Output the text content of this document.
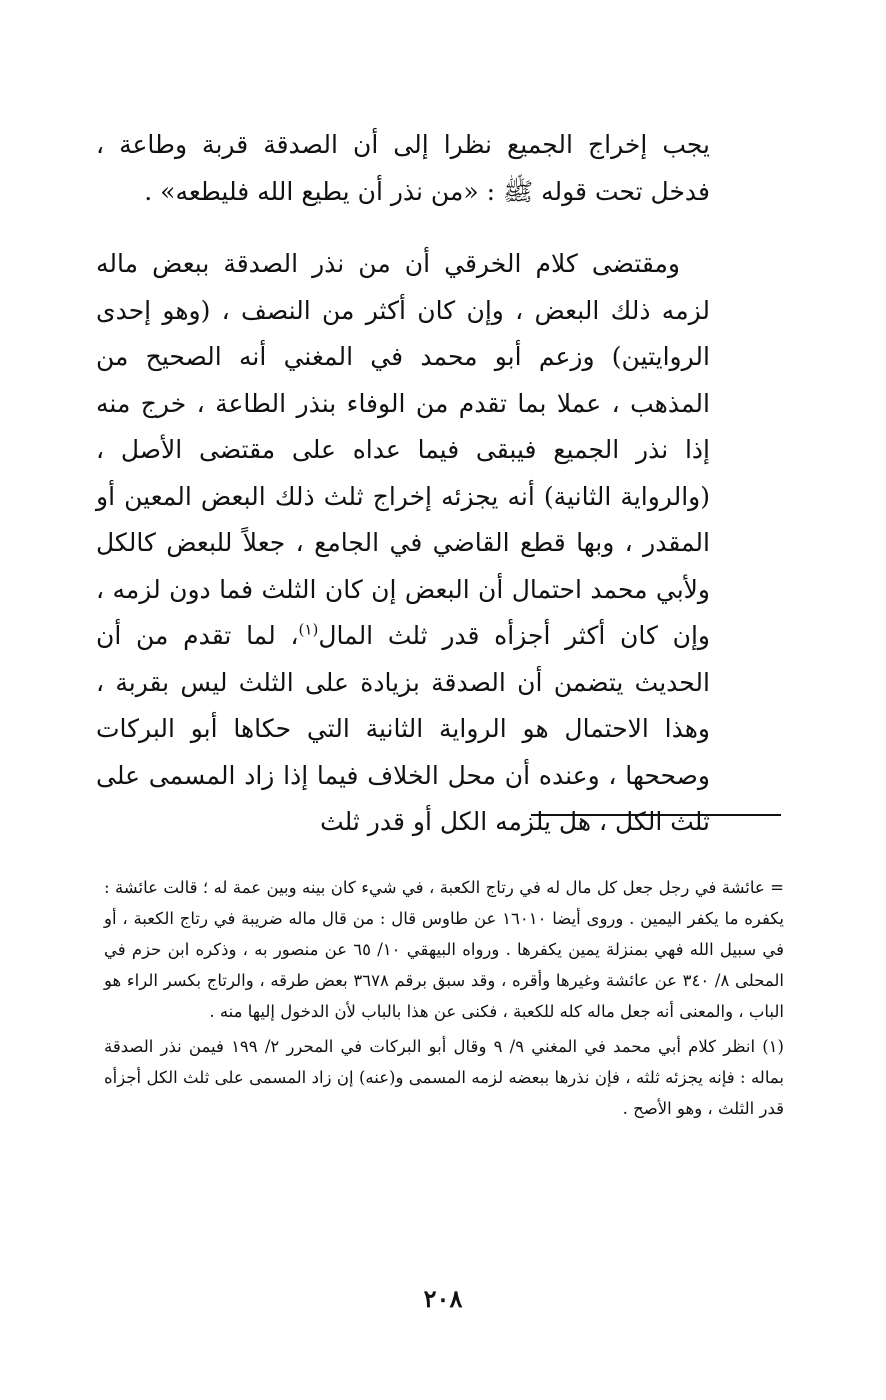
يجب إخراج الجميع نظرا إلى أن الصدقة قربة وطاعة ، فدخل تحت قوله ﷺ : «من نذر أن يطيع الله فليطعه» .

ومقتضى كلام الخرقي أن من نذر الصدقة ببعض ماله لزمه ذلك البعض ، وإن كان أكثر من النصف ، (وهو إحدى الروايتين) وزعم أبو محمد في المغني أنه الصحيح من المذهب ، عملا بما تقدم من الوفاء بنذر الطاعة ، خرج منه إذا نذر الجميع فيبقى فيما عداه على مقتضى الأصل ، (والرواية الثانية) أنه يجزئه إخراج ثلث ذلك البعض المعين أو المقدر ، وبها قطع القاضي في الجامع ، جعلاً للبعض كالكل ولأبي محمد احتمال أن البعض إن كان الثلث فما دون لزمه ، وإن كان أكثر أجزأه قدر ثلث المال$^{(١)}$، لما تقدم من أن الحديث يتضمن أن الصدقة بزيادة على الثلث ليس بقربة ، وهذا الاحتمال هو الرواية الثانية التي حكاها أبو البركات وصححها ، وعنده أن محل الخلاف فيما إذا زاد المسمى على ثلث الكل ، هل يلزمه الكل أو قدر ثلث

= عائشة في رجل جعل كل مال له في رتاج الكعبة ، في شيء كان بينه وبين عمة له ؛ قالت عائشة : يكفره ما يكفر اليمين . وروى أيضا ١٦٠١٠ عن طاوس قال : من قال ماله ضريبة في رتاج الكعبة ، أو في سبيل الله فهي بمنزلة يمين يكفرها . ورواه البيهقي ١٠/ ٦٥ عن منصور به ، وذكره ابن حزم في المحلى ٨/ ٣٤٠ عن عائشة وغيرها وأقره ، وقد سبق برقم ٣٦٧٨ بعض طرقه ، والرتاج بكسر الراء هو الباب ، والمعنى أنه جعل ماله كله للكعبة ، فكنى عن هذا بالباب لأن الدخول إليها منه .

(١) انظر كلام أبي محمد في المغني ٩/ ٩ وقال أبو البركات في المحرر ٢/ ١٩٩ فيمن نذر الصدقة بماله : فإنه يجزئه ثلثه ، فإن نذرها ببعضه لزمه المسمى و(عنه) إن زاد المسمى على ثلث الكل أجزأه قدر الثلث ، وهو الأصح .

٢٠٨
